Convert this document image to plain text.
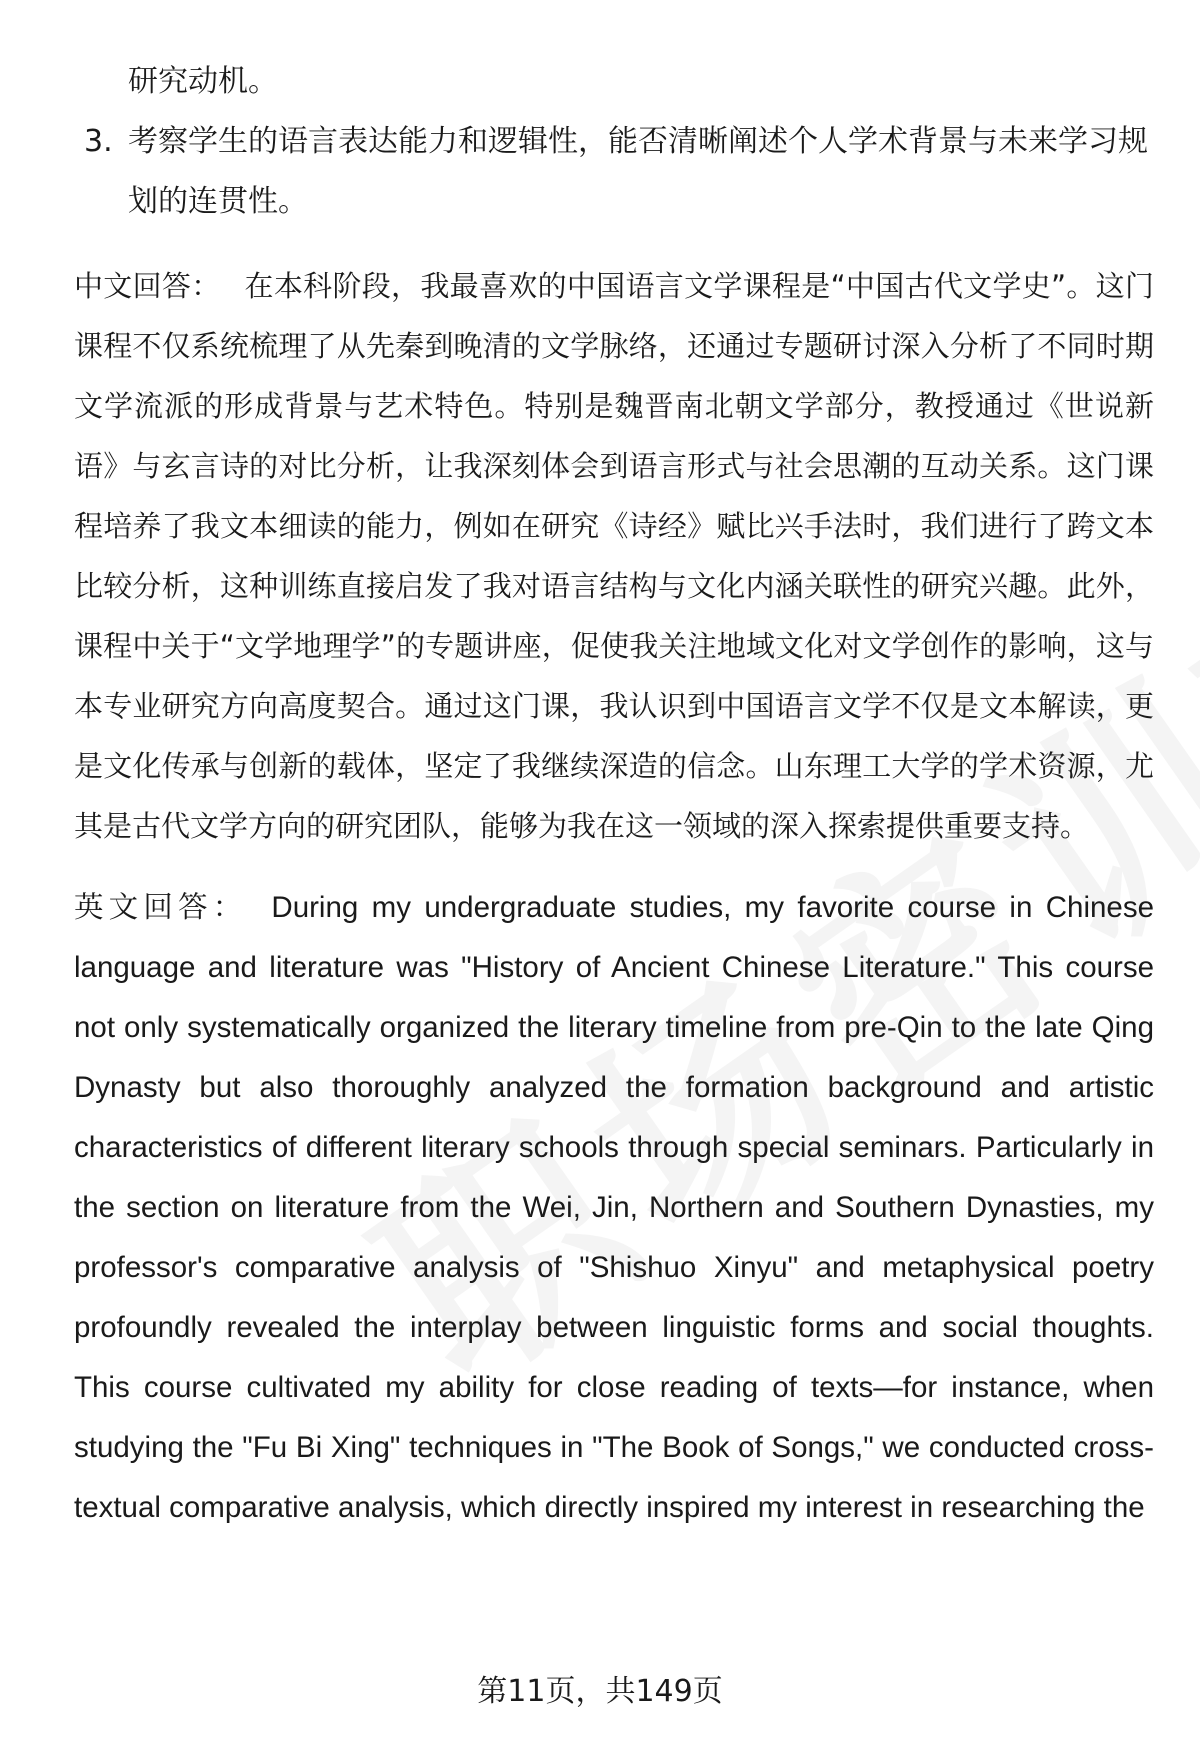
研究动机。

3. 考察学生的语言表达能力和逻辑性，能否清晰阐述个人学术背景与未来学习规划的连贯性。

中文回答： 在本科阶段，我最喜欢的中国语言文学课程是“中国古代文学史”。这门课程不仅系统梳理了从先秦到晚清的文学脉络，还通过专题研讨深入分析了不同时期文学流派的形成背景与艺术特色。特别是魏晋南北朝文学部分，教授通过《世说新语》与玄言诗的对比分析，让我深刻体会到语言形式与社会思潮的互动关系。这门课程培养了我文本细读的能力，例如在研究《诗经》赋比兴手法时，我们进行了跨文本比较分析，这种训练直接启发了我对语言结构与文化内涵关联性的研究兴趣。此外，课程中关于“文学地理学”的专题讲座，促使我关注地域文化对文学创作的影响，这与本专业研究方向高度契合。通过这门课，我认识到中国语言文学不仅是文本解读，更是文化传承与创新的载体，坚定了我继续深造的信念。山东理工大学的学术资源，尤其是古代文学方向的研究团队，能够为我在这一领域的深入探索提供重要支持。

英文回答： During my undergraduate studies, my favorite course in Chinese language and literature was "History of Ancient Chinese Literature." This course not only systematically organized the literary timeline from pre-Qin to the late Qing Dynasty but also thoroughly analyzed the formation background and artistic characteristics of different literary schools through special seminars. Particularly in the section on literature from the Wei, Jin, Northern and Southern Dynasties, my professor's comparative analysis of "Shishuo Xinyu" and metaphysical poetry profoundly revealed the interplay between linguistic forms and social thoughts. This course cultivated my ability for close reading of texts—for instance, when studying the "Fu Bi Xing" techniques in "The Book of Songs," we conducted cross-textual comparative analysis, which directly inspired my interest in researching the

第11页，共149页
